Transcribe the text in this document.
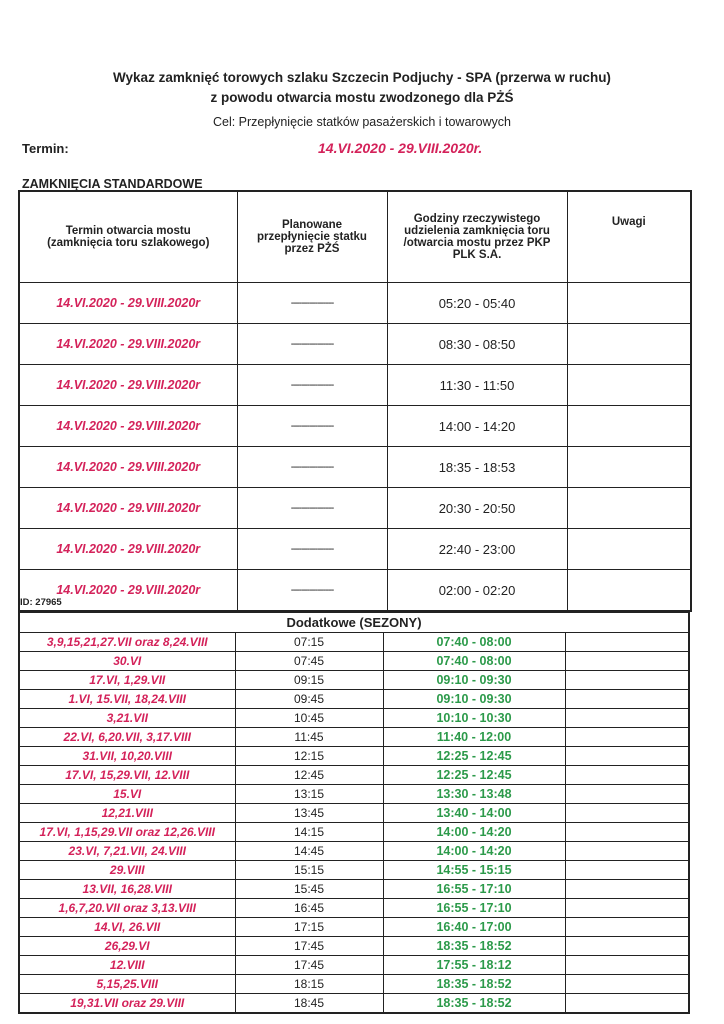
Wykaz zamknięć torowych szlaku Szczecin Podjuchy - SPA (przerwa w ruchu)
z powodu otwarcia mostu zwodzonego dla PŻŚ
Cel: Przepłynięcie statków pasażerskich i towarowych
Termin:	14.VI.2020 - 29.VIII.2020r.
ZAMKNIĘCIA STANDARDOWE
Termin otwarcia mostu
(zamknięcia toru szlakowego)	Planowane
przepłynięcie statku
przez PŻŚ	Godziny rzeczywistego
udzielenia zamknięcia toru
/otwarcia mostu przez PKP
PLK S.A.	Uwagi
14.VI.2020 - 29.VIII.2020r	----------------	05:20 - 05:40	
14.VI.2020 - 29.VIII.2020r	----------------	08:30 - 08:50	
14.VI.2020 - 29.VIII.2020r	----------------	11:30 - 11:50	
14.VI.2020 - 29.VIII.2020r	----------------	14:00 - 14:20	
14.VI.2020 - 29.VIII.2020r	----------------	18:35 - 18:53	
14.VI.2020 - 29.VIII.2020r	----------------	20:30 - 20:50	
14.VI.2020 - 29.VIII.2020r	----------------	22:40 - 23:00	
14.VI.2020 - 29.VIII.2020r	----------------	02:00 - 02:20	
ID: 27965
Dodatkowe (SEZONY)			
3,9,15,21,27.VII oraz 8,24.VIII	07:15	07:40 - 08:00	
30.VI	07:45	07:40 - 08:00	
17.VI, 1,29.VII	09:15	09:10 - 09:30	
1.VI, 15.VII, 18,24.VIII	09:45	09:10 - 09:30	
3,21.VII	10:45	10:10 - 10:30	
22.VI, 6,20.VII, 3,17.VIII	11:45	11:40 - 12:00	
31.VII, 10,20.VIII	12:15	12:25 - 12:45	
17.VI, 15,29.VII, 12.VIII	12:45	12:25 - 12:45	
15.VI	13:15	13:30 - 13:48	
12,21.VIII	13:45	13:40 - 14:00	
17.VI, 1,15,29.VII oraz 12,26.VIII	14:15	14:00 - 14:20	
23.VI, 7,21.VII, 24.VIII	14:45	14:00 - 14:20	
29.VIII	15:15	14:55 - 15:15	
13.VII, 16,28.VIII	15:45	16:55 - 17:10	
1,6,7,20.VII oraz 3,13.VIII	16:45	16:55 - 17:10	
14.VI, 26.VII	17:15	16:40 - 17:00	
26,29.VI	17:45	18:35 - 18:52	
12.VIII	17:45	17:55 - 18:12	
5,15,25.VIII	18:15	18:35 - 18:52	
19,31.VII oraz 29.VIII	18:45	18:35 - 18:52	
